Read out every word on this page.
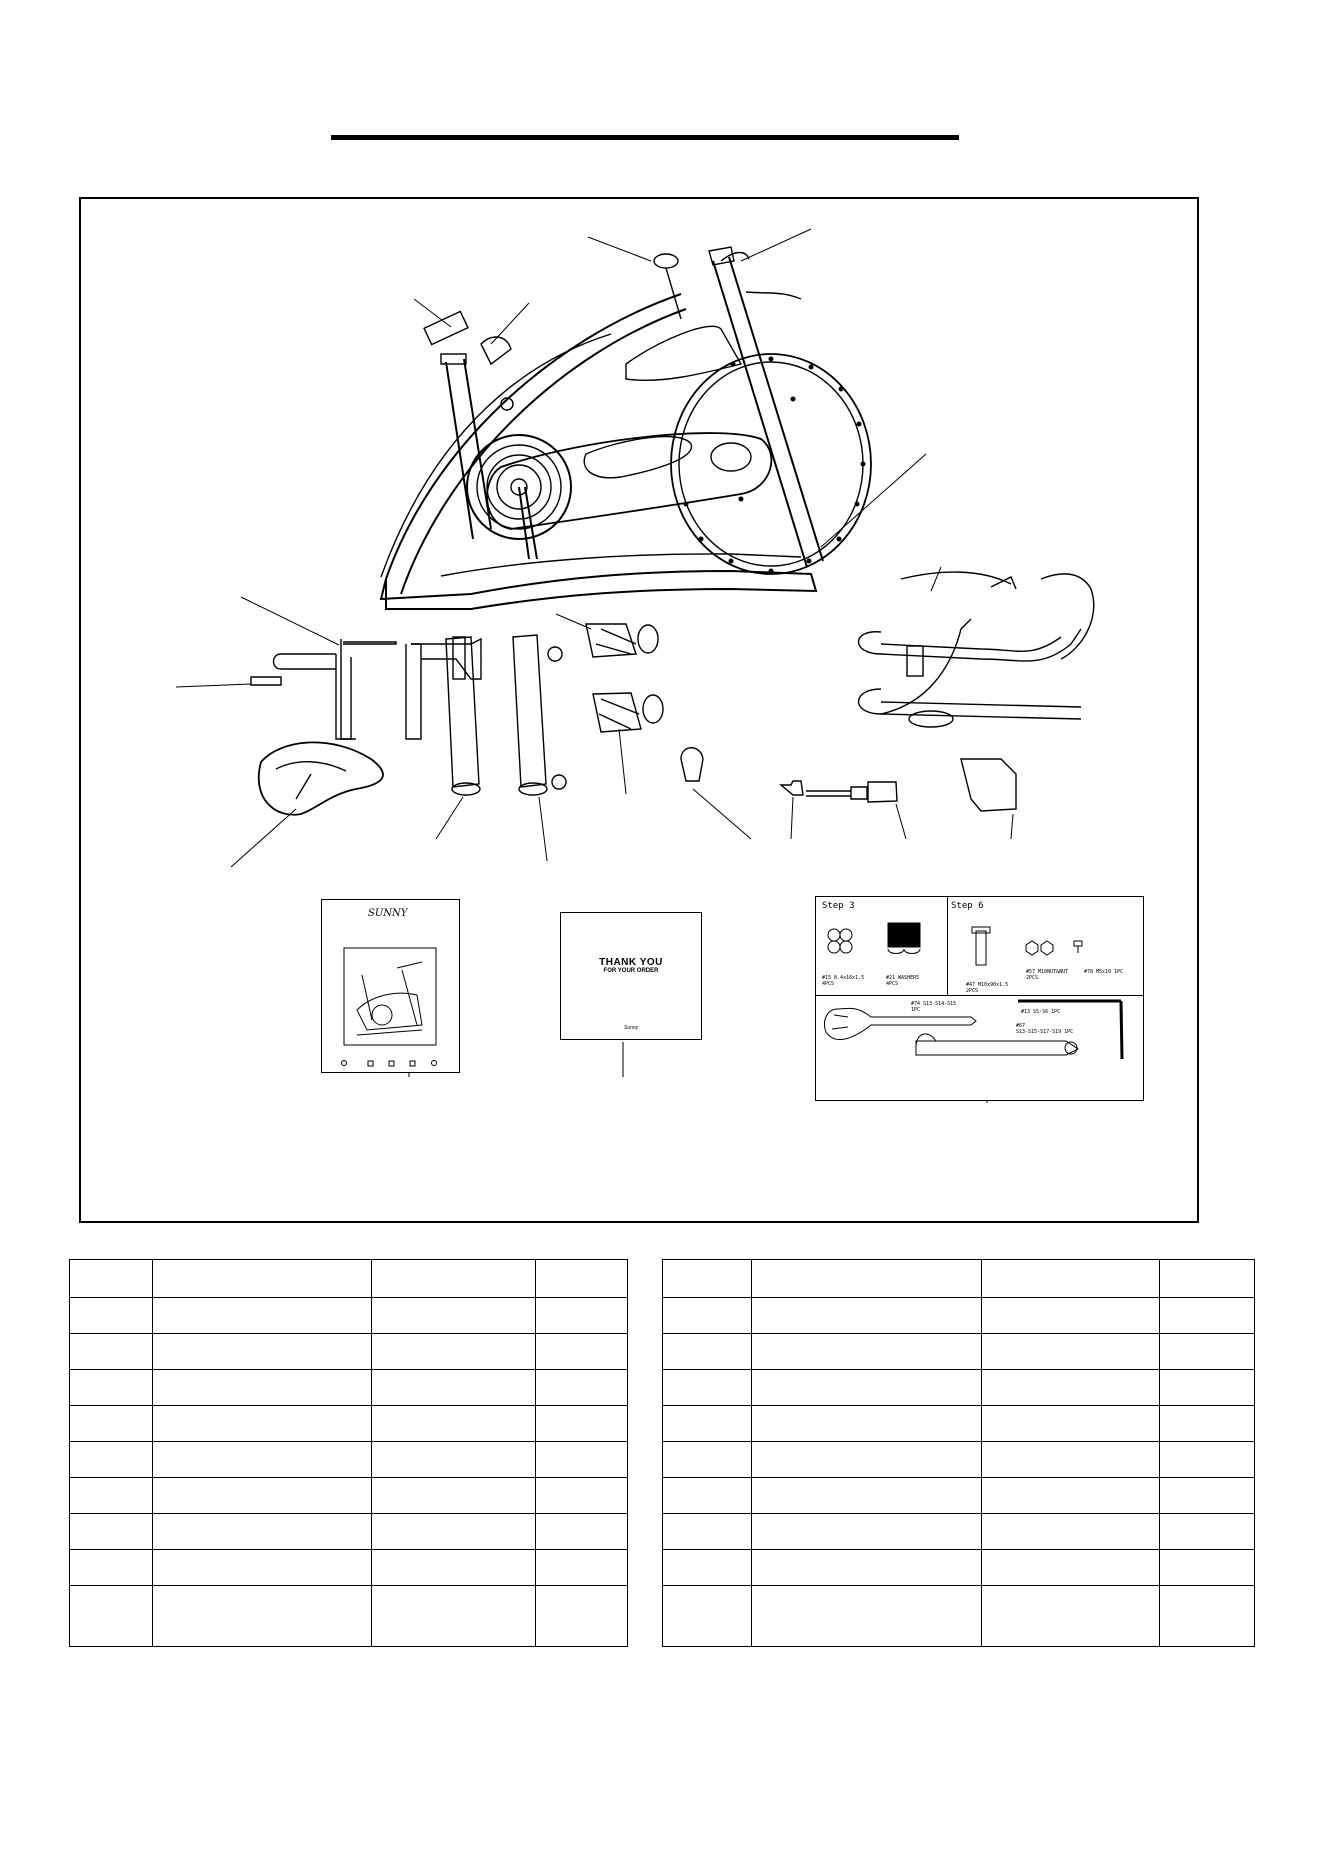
SUNNY
THANK YOU
FOR YOUR ORDER
Sunny
Step 3	Step 6
#15 8.4x16x1.5
4PCS
#21 WASHER5
4PCS	#47 M10x90x1.5
2PCS
#57 M10NUT&NUT
2PCS
#78 M5x10 1PC
#74 S13-S14-S15
1PC	#13 S5-S6 1PC
#67
S13-S15-S17-S19 1PC
